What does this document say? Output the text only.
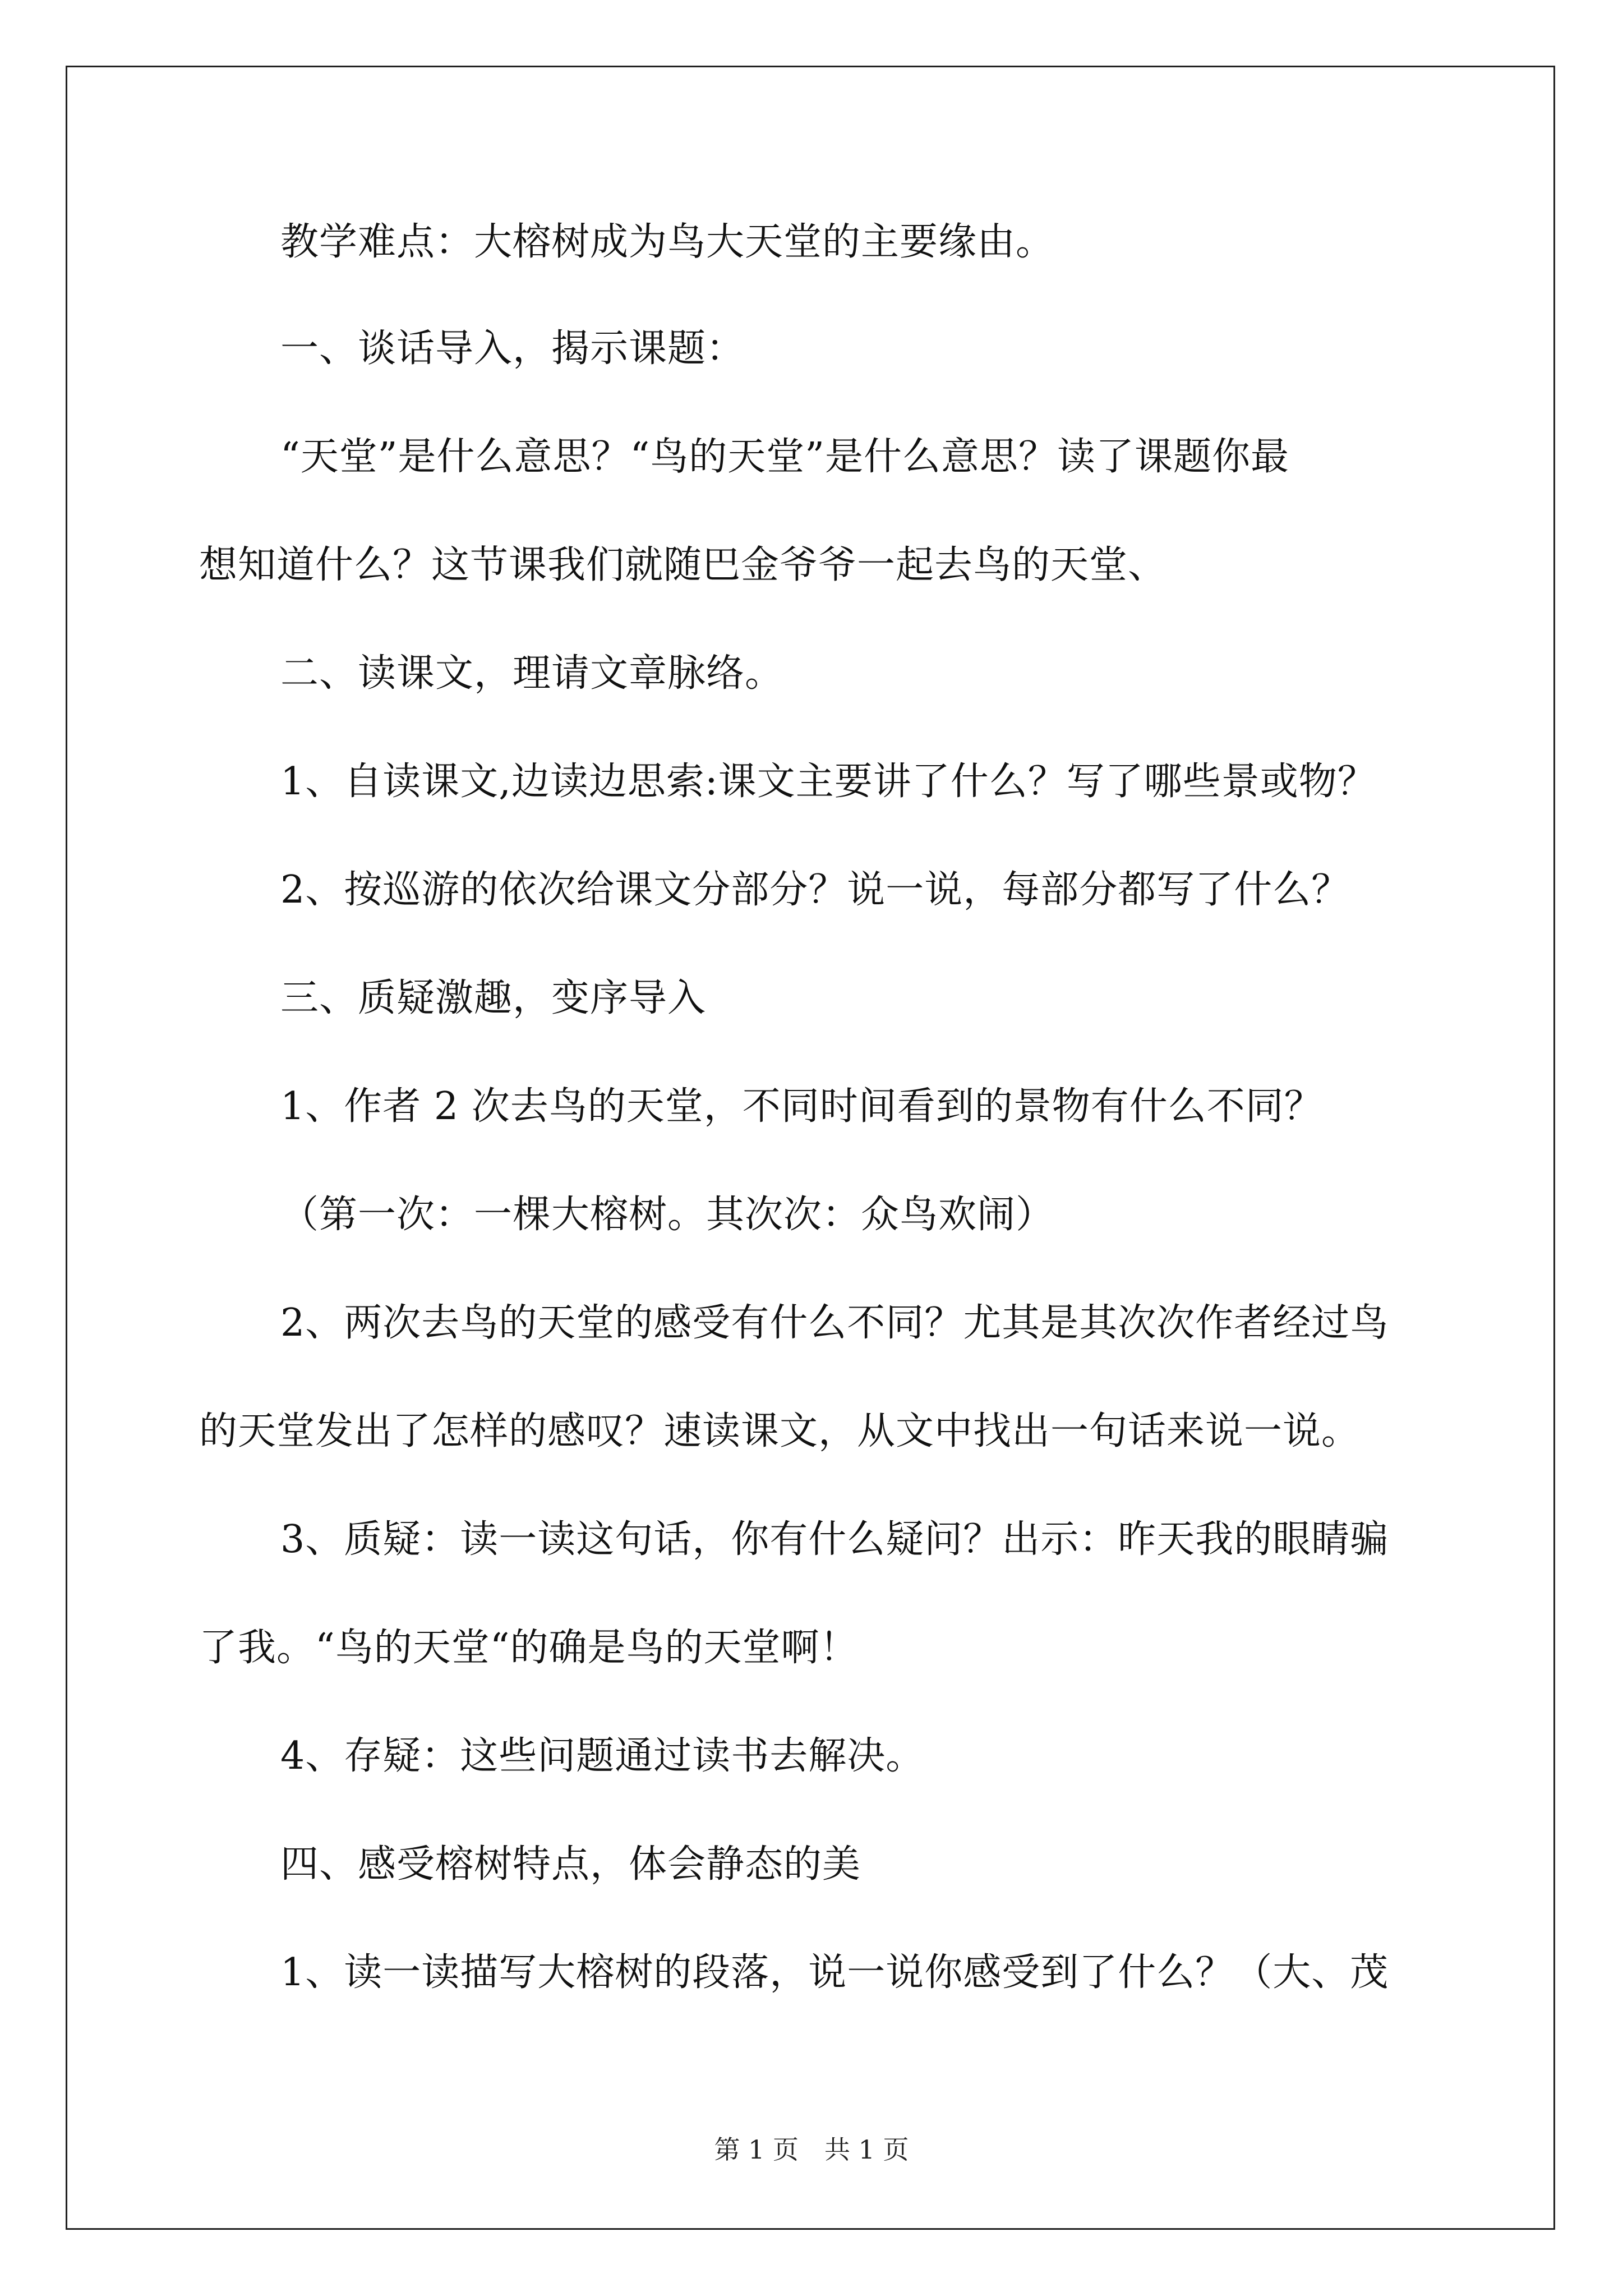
教学难点：大榕树成为鸟大天堂的主要缘由。

一、谈话导入，揭示课题：

“天堂”是什么意思？“鸟的天堂”是什么意思？读了课题你最

想知道什么？这节课我们就随巴金爷爷一起去鸟的天堂、

二、读课文，理请文章脉络。

1、自读课文,边读边思索:课文主要讲了什么？写了哪些景或物？

2、按巡游的依次给课文分部分？说一说，每部分都写了什么？

三、质疑激趣，变序导入

1、作者 2 次去鸟的天堂，不同时间看到的景物有什么不同？

（第一次：一棵大榕树。其次次：众鸟欢闹）

2、两次去鸟的天堂的感受有什么不同？尤其是其次次作者经过鸟

的天堂发出了怎样的感叹？速读课文，从文中找出一句话来说一说。

3、质疑：读一读这句话，你有什么疑问？出示：昨天我的眼睛骗

了我。“鸟的天堂“的确是鸟的天堂啊！

4、存疑：这些问题通过读书去解决。

四、感受榕树特点，体会静态的美

1、读一读描写大榕树的段落，说一说你感受到了什么？（大、茂

第 1 页　共 1 页
